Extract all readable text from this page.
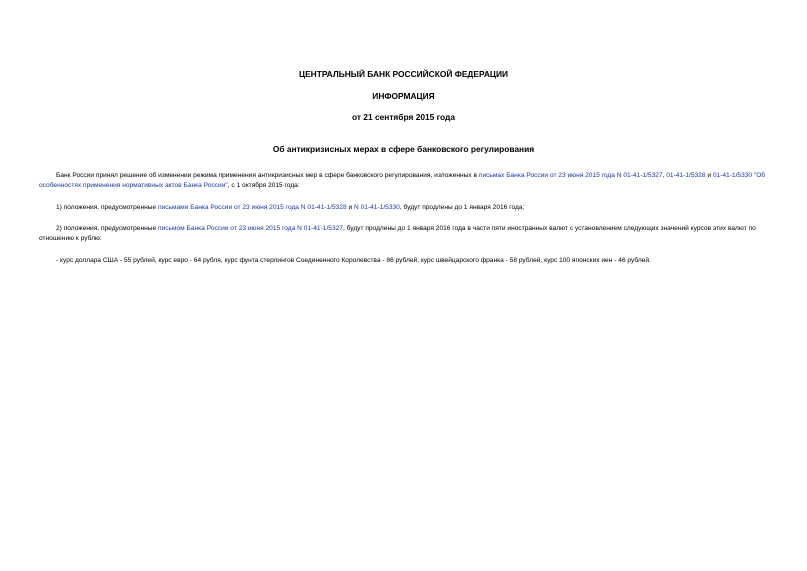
ЦЕНТРАЛЬНЫЙ БАНК РОССИЙСКОЙ ФЕДЕРАЦИИ

ИНФОРМАЦИЯ

от 21 сентября 2015 года

Об антикризисных мерах в сфере банковского регулирования

Банк России принял решение об изменении режима применения антикризисных мер в сфере банковского регулирования, изложенных в письмах Банка России от 23 июня 2015 года N 01-41-1/5327, 01-41-1/5328 и 01-41-1/5330 "Об особенностях применения нормативных актов Банка России", с 1 октября 2015 года:

1) положения, предусмотренные письмами Банка России от 23 июня 2015 года N 01-41-1/5328 и N 01-41-1/5330, будут продлены до 1 января 2016 года;

2) положения, предусмотренные письмом Банка России от 23 июня 2015 года N 01-41-1/5327, будут продлены до 1 января 2016 года в части пяти иностранных валют с установлением следующих значений курсов этих валют по отношению к рублю:

- курс доллара США - 55 рублей, курс евро - 64 рубля, курс фунта стерлингов Соединенного Королевства - 86 рублей, курс швейцарского франка - 58 рублей, курс 100 японских иен - 46 рублей.
